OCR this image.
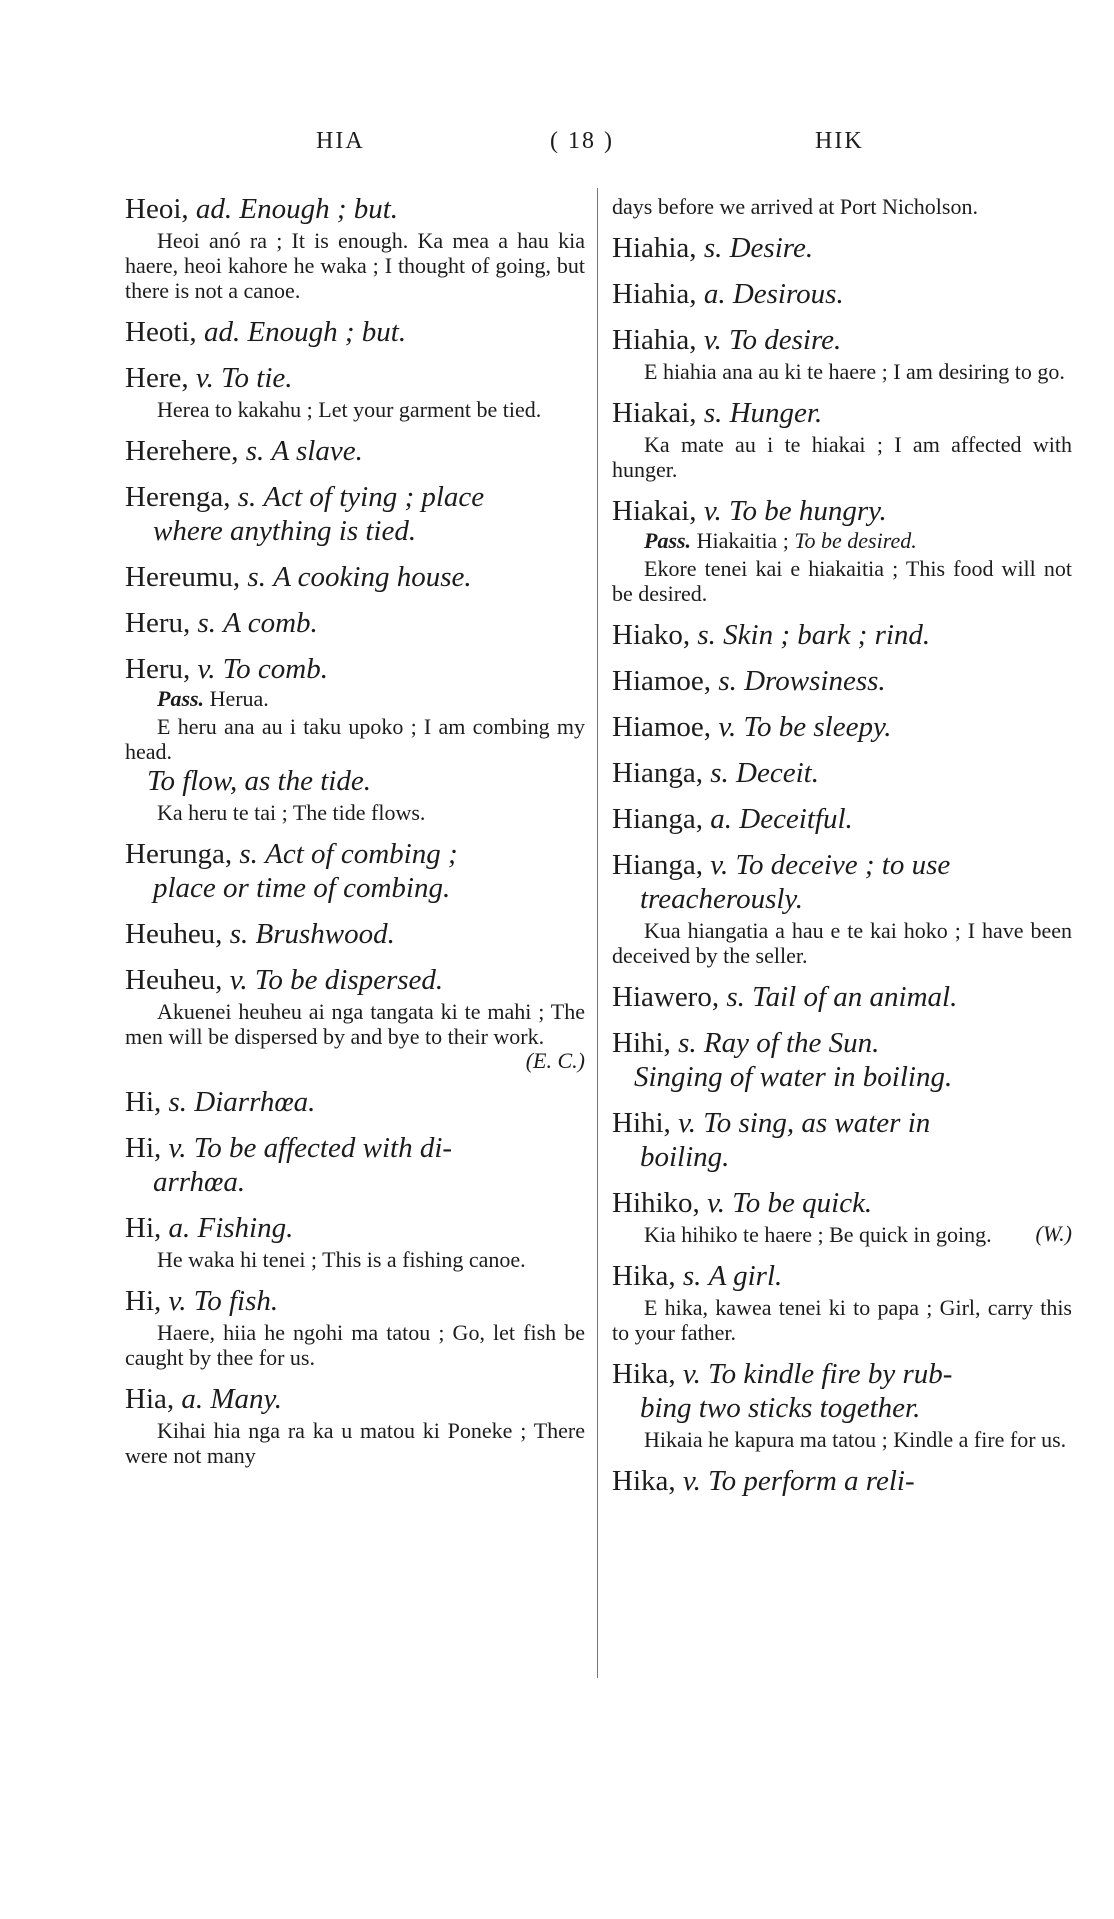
HIA	( 18 )	HIK
Heoi, ad. Enough ; but.
Heoi anó ra ; It is enough. Ka mea a hau kia haere, heoi kahore he waka ; I thought of going, but there is not a canoe.
Heoti, ad. Enough ; but.
Here, v. To tie.
Herea to kakahu ; Let your garment be tied.
Herehere, s. A slave.
Herenga, s. Act of tying ; place
where anything is tied.
Hereumu, s. A cooking house.
Heru, s. A comb.
Heru, v. To comb.
Pass. Herua.
E heru ana au i taku upoko ; I am combing my head.
To flow, as the tide.
Ka heru te tai ; The tide flows.
Herunga, s. Act of combing ;
place or time of combing.
Heuheu, s. Brushwood.
Heuheu, v. To be dispersed.
Akuenei heuheu ai nga tangata ki te mahi ; The men will be dispersed by and bye to their work.
(E. C.)
Hi, s. Diarrhœa.
Hi, v. To be affected with di-
arrhœa.
Hi, a. Fishing.
He waka hi tenei ; This is a fishing canoe.
Hi, v. To fish.
Haere, hiia he ngohi ma tatou ; Go, let fish be caught by thee for us.
Hia, a. Many.
Kihai hia nga ra ka u matou ki Poneke ; There were not many
days before we arrived at Port Nicholson.
Hiahia, s. Desire.
Hiahia, a. Desirous.
Hiahia, v. To desire.
E hiahia ana au ki te haere ; I am desiring to go.
Hiakai, s. Hunger.
Ka mate au i te hiakai ; I am affected with hunger.
Hiakai, v. To be hungry.
Pass. Hiakaitia ; To be desired.
Ekore tenei kai e hiakaitia ; This food will not be desired.
Hiako, s. Skin ; bark ; rind.
Hiamoe, s. Drowsiness.
Hiamoe, v. To be sleepy.
Hianga, s. Deceit.
Hianga, a. Deceitful.
Hianga, v. To deceive ; to use
treacherously.
Kua hiangatia a hau e te kai hoko ; I have been deceived by the seller.
Hiawero, s. Tail of an animal.
Hihi, s. Ray of the Sun.
Singing of water in boiling.
Hihi, v. To sing, as water in
boiling.
Hihiko, v. To be quick.
Kia hihiko te haere ; Be quick in going.	(W.)
Hika, s. A girl.
E hika, kawea tenei ki to papa ; Girl, carry this to your father.
Hika, v. To kindle fire by rub-
bing two sticks together.
Hikaia he kapura ma tatou ; Kindle a fire for us.
Hika, v. To perform a reli-
